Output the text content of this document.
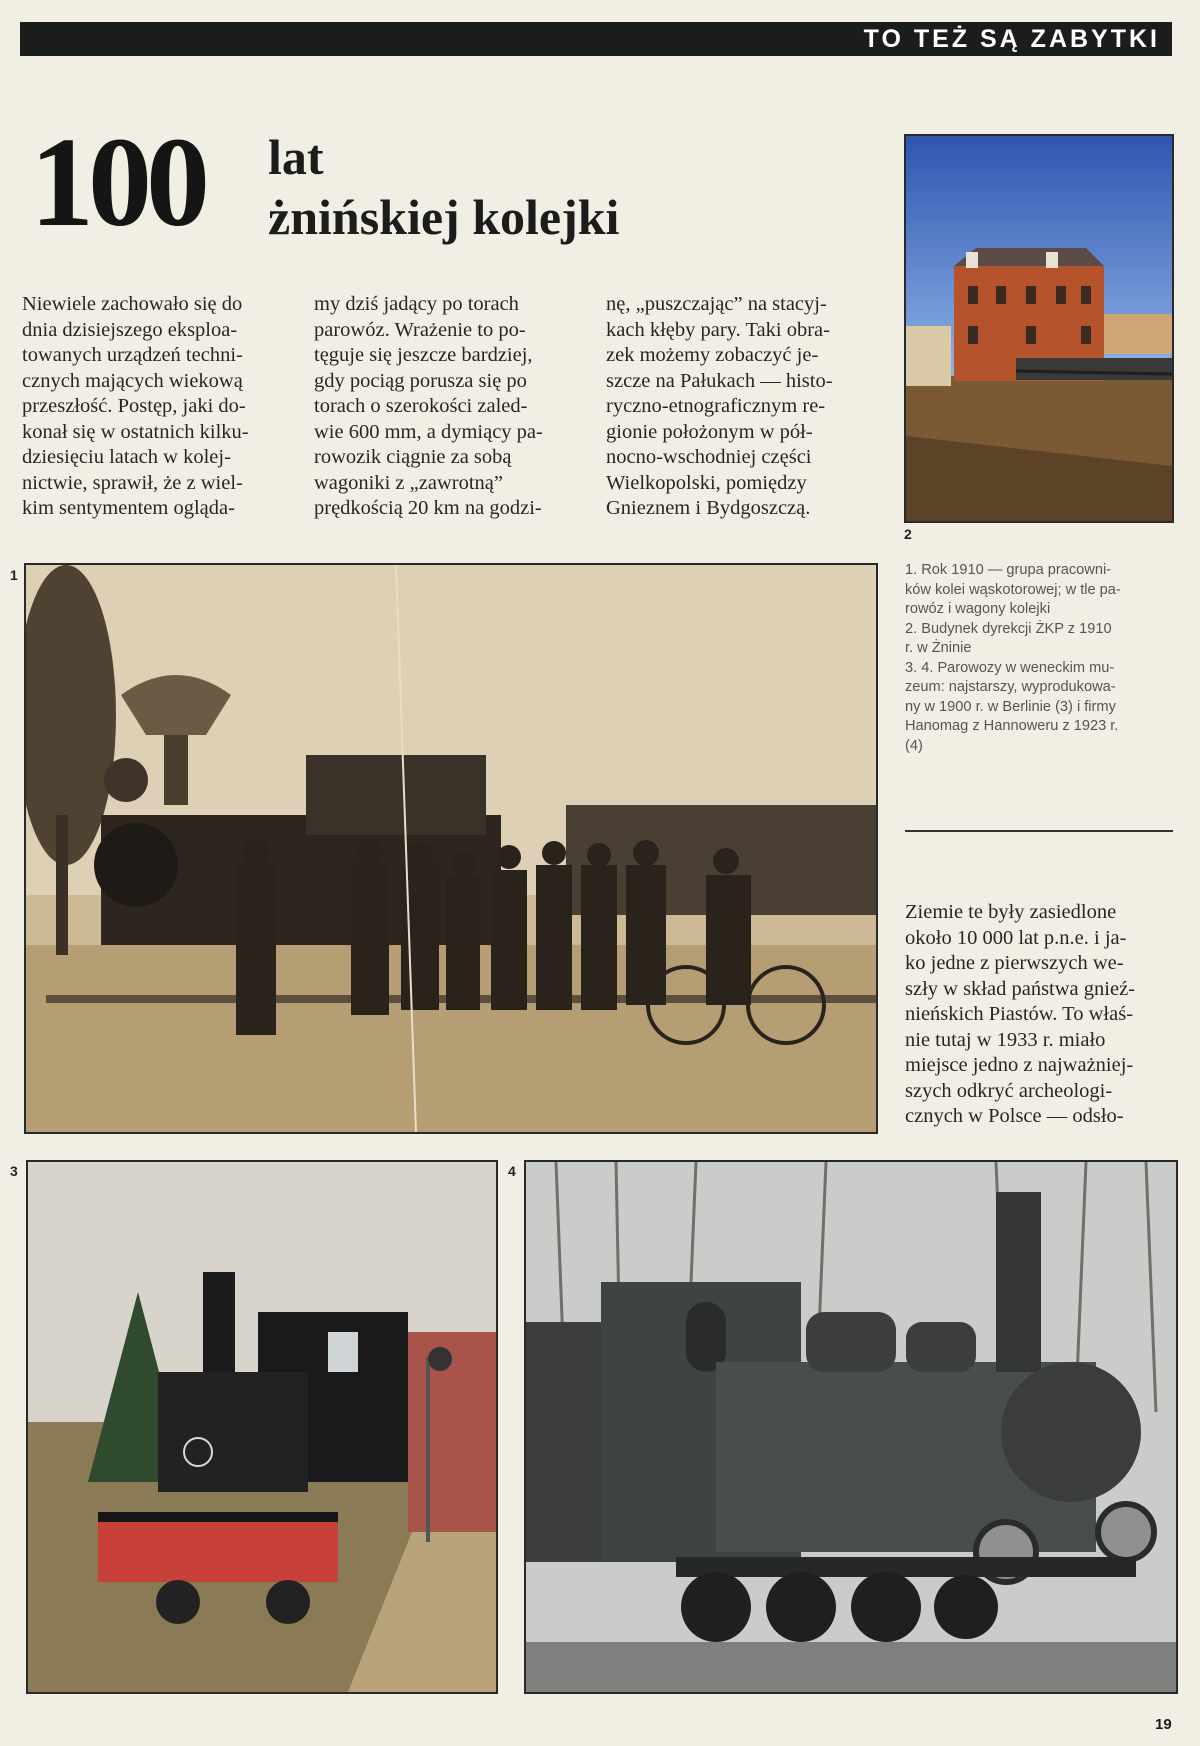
TO TEŻ SĄ ZABYTKI
100 lat
żnińskiej kolejki
Niewiele zachowało się do
dnia dzisiejszego eksploa-
towanych urządzeń techni-
cznych mających wiekową
przeszłość. Postęp, jaki do-
konał się w ostatnich kilku-
dziesięciu latach w kolej-
nictwie, sprawił, że z wiel-
kim sentymentem ogląda-
my dziś jadący po torach
parowóz. Wrażenie to po-
tęguje się jeszcze bardziej,
gdy pociąg porusza się po
torach o szerokości zaled-
wie 600 mm, a dymiący pa-
rowozik ciągnie za sobą
wagoniki z „zawrotną”
prędkością 20 km na godzi-
nę, „puszczając” na stacyj-
kach kłęby pary. Taki obra-
zek możemy zobaczyć je-
szcze na Pałukach — histo-
ryczno-etnograficznym re-
gionie położonym w pół-
nocno-wschodniej części
Wielkopolski, pomiędzy
Gnieznem i Bydgoszczą.
2
1. Rok 1910 — grupa pracowni-
ków kolei wąskotorowej; w tle pa-
rowóz i wagony kolejki
2. Budynek dyrekcji ŻKP z 1910
r. w Żninie
3. 4. Parowozy w weneckim mu-
zeum: najstarszy, wyprodukowa-
ny w 1900 r. w Berlinie (3) i firmy
Hanomag z Hannoweru z 1923 r.
(4)
1
Ziemie te były zasiedlone
około 10 000 lat p.n.e. i ja-
ko jedne z pierwszych we-
szły w skład państwa gnieź-
nieńskich Piastów. To właś-
nie tutaj w 1933 r. miało
miejsce jedno z najważniej-
szych odkryć archeologi-
cznych w Polsce — odsło-
3	4
19
